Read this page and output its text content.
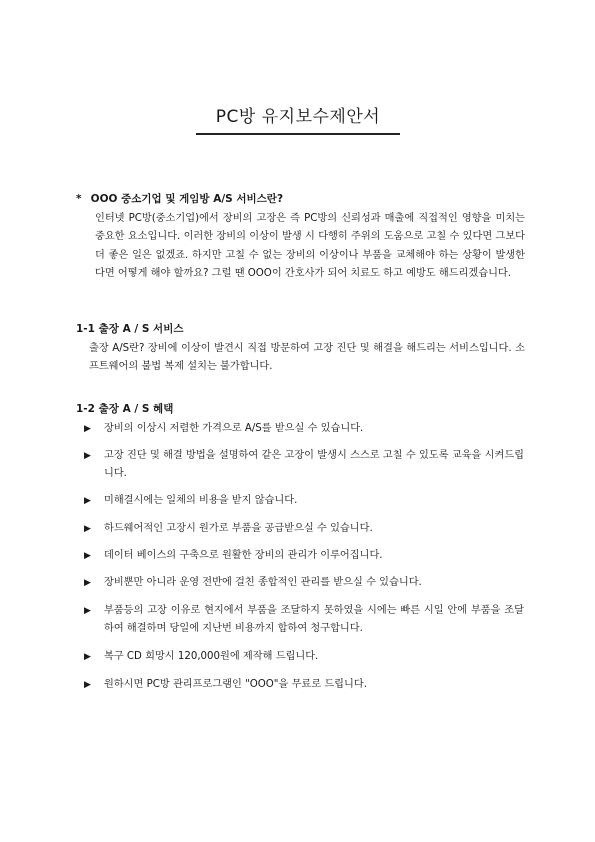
PC방 유지보수제안서
* OOO 중소기업 및 게임방 A/S 서비스란?

인터넷 PC방(중소기업)에서 장비의 고장은 즉 PC방의 신뢰성과 매출에 직접적인 영향을 미치는 중요한 요소입니다. 이러한 장비의 이상이 발생 시 다행히 주위의 도움으로 고칠 수 있다면 그보다 더 좋은 일은 없겠죠. 하지만 고칠 수 없는 장비의 이상이나 부품을 교체해야 하는 상황이 발생한다면 어떻게 해야 할까요? 그럴 땐 OOO이 간호사가 되어 치료도 하고 예방도 해드리겠습니다.

1-1 출장 A / S 서비스

출장 A/S란? 장비에 이상이 발견시 직접 방문하여 고장 진단 및 해결을 해드리는 서비스입니다. 소프트웨어의 불법 복제 설치는 불가합니다.

1-2 출장 A / S 혜택
▶ 장비의 이상시 저렴한 가격으로 A/S를 받으실 수 있습니다.
▶ 고장 진단 및 해결 방법을 설명하여 같은 고장이 발생시 스스로 고칠 수 있도록 교육을 시켜드립니다.
▶ 미해결시에는 일체의 비용을 받지 않습니다.
▶ 하드웨어적인 고장시 원가로 부품을 공급받으실 수 있습니다.
▶ 데이터 베이스의 구축으로 원활한 장비의 관리가 이루어집니다.
▶ 장비뿐만 아니라 운영 전반에 걸친 종합적인 관리를 받으실 수 있습니다.
▶ 부품등의 고장 이유로 현지에서 부품을 조달하지 못하였을 시에는 빠른 시일 안에 부품을 조달하여 해결하며 당일에 지난번 비용까지 합하여 청구합니다.
▶ 복구 CD 희망시 120,000원에 제작해 드립니다.
▶ 원하시면 PC방 관리프로그램인 "OOO"을 무료로 드립니다.
